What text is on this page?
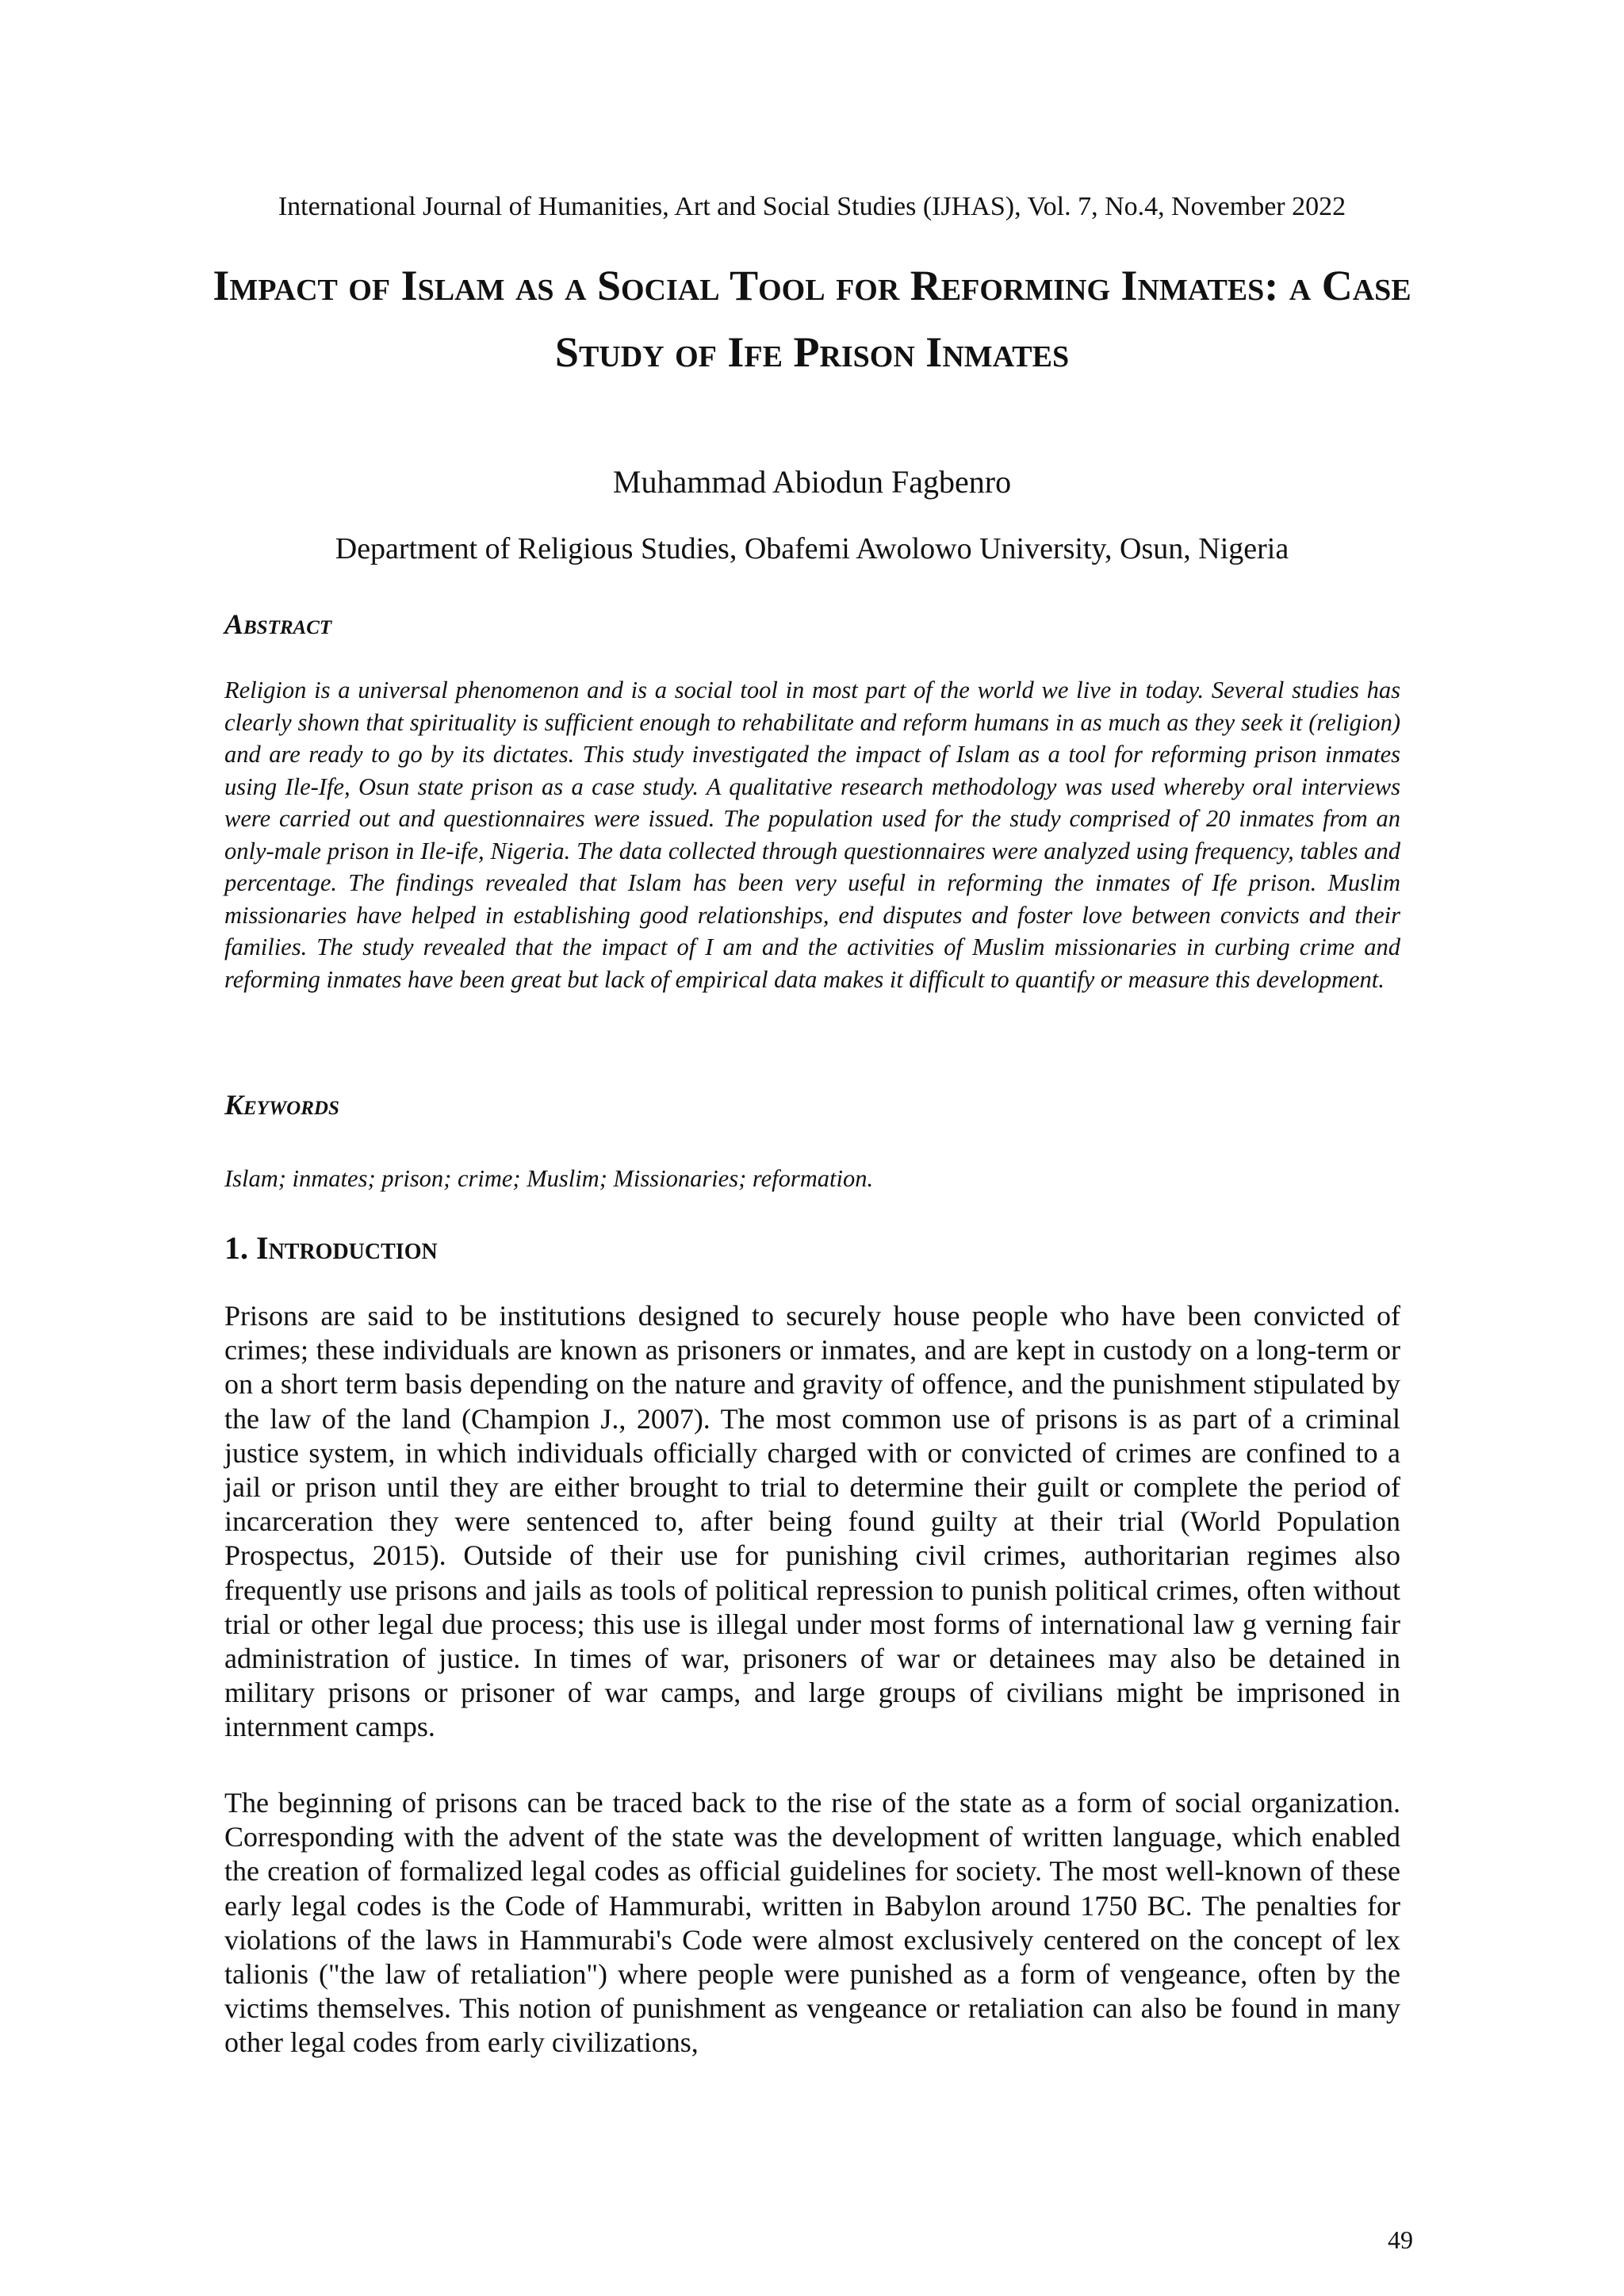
International Journal of Humanities, Art and Social Studies (IJHAS), Vol. 7, No.4, November 2022
Impact of Islam as a Social Tool for Reforming Inmates: a Case Study of Ife Prison Inmates
Muhammad Abiodun Fagbenro
Department of Religious Studies, Obafemi Awolowo University, Osun, Nigeria
Abstract
Religion is a universal phenomenon and is a social tool in most part of the world we live in today. Several studies has clearly shown that spirituality is sufficient enough to rehabilitate and reform humans in as much as they seek it (religion) and are ready to go by its dictates. This study investigated the impact of Islam as a tool for reforming prison inmates using Ile-Ife, Osun state prison as a case study. A qualitative research methodology was used whereby oral interviews were carried out and questionnaires were issued. The population used for the study comprised of 20 inmates from an only-male prison in Ile-ife, Nigeria. The data collected through questionnaires were analyzed using frequency, tables and percentage. The findings revealed that Islam has been very useful in reforming the inmates of Ife prison. Muslim missionaries have helped in establishing good relationships, end disputes and foster love between convicts and their families. The study revealed that the impact of I am and the activities of Muslim missionaries in curbing crime and reforming inmates have been great but lack of empirical data makes it difficult to quantify or measure this development.
Keywords
Islam; inmates; prison; crime; Muslim; Missionaries; reformation.
1. Introduction
Prisons are said to be institutions designed to securely house people who have been convicted of crimes; these individuals are known as prisoners or inmates, and are kept in custody on a long-term or on a short term basis depending on the nature and gravity of offence, and the punishment stipulated by the law of the land (Champion J., 2007). The most common use of prisons is as part of a criminal justice system, in which individuals officially charged with or convicted of crimes are confined to a jail or prison until they are either brought to trial to determine their guilt or complete the period of incarceration they were sentenced to, after being found guilty at their trial (World Population Prospectus, 2015). Outside of their use for punishing civil crimes, authoritarian regimes also frequently use prisons and jails as tools of political repression to punish political crimes, often without trial or other legal due process; this use is illegal under most forms of international law g verning fair administration of justice. In times of war, prisoners of war or detainees may also be detained in military prisons or prisoner of war camps, and large groups of civilians might be imprisoned in internment camps.
The beginning of prisons can be traced back to the rise of the state as a form of social organization. Corresponding with the advent of the state was the development of written language, which enabled the creation of formalized legal codes as official guidelines for society. The most well-known of these early legal codes is the Code of Hammurabi, written in Babylon around 1750 BC. The penalties for violations of the laws in Hammurabi's Code were almost exclusively centered on the concept of lex talionis ("the law of retaliation") where people were punished as a form of vengeance, often by the victims themselves. This notion of punishment as vengeance or retaliation can also be found in many other legal codes from early civilizations,
49
